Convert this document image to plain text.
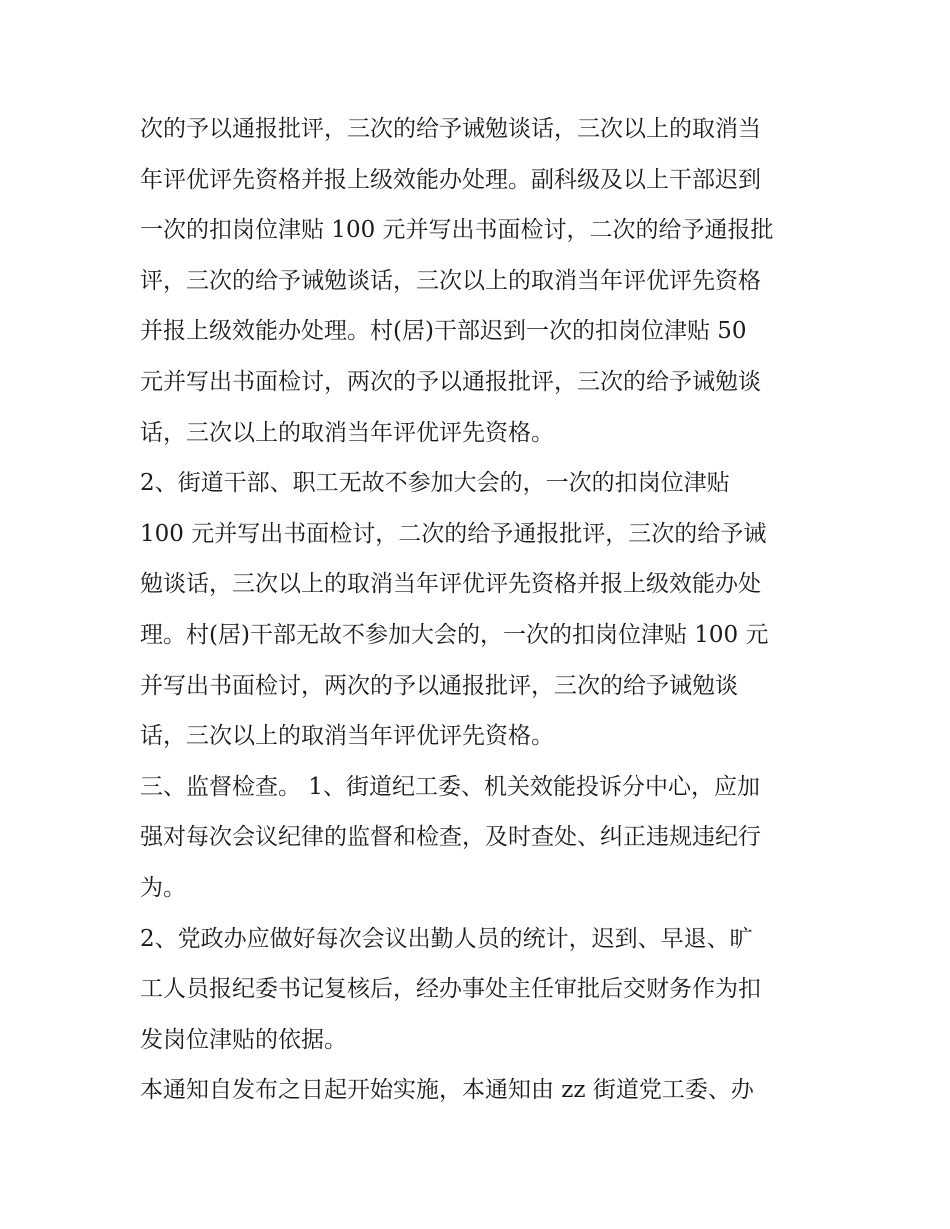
次的予以通报批评，三次的给予诫勉谈话，三次以上的取消当
年评优评先资格并报上级效能办处理。副科级及以上干部迟到
一次的扣岗位津贴 100 元并写出书面检讨，二次的给予通报批
评，三次的给予诫勉谈话，三次以上的取消当年评优评先资格
并报上级效能办处理。村(居)干部迟到一次的扣岗位津贴 50
元并写出书面检讨，两次的予以通报批评，三次的给予诫勉谈
话，三次以上的取消当年评优评先资格。
2、街道干部、职工无故不参加大会的，一次的扣岗位津贴
100 元并写出书面检讨，二次的给予通报批评，三次的给予诫
勉谈话，三次以上的取消当年评优评先资格并报上级效能办处
理。村(居)干部无故不参加大会的，一次的扣岗位津贴 100 元
并写出书面检讨，两次的予以通报批评，三次的给予诫勉谈
话，三次以上的取消当年评优评先资格。
三、监督检查。 1、街道纪工委、机关效能投诉分中心，应加
强对每次会议纪律的监督和检查，及时查处、纠正违规违纪行
为。
2、党政办应做好每次会议出勤人员的统计，迟到、早退、旷
工人员报纪委书记复核后，经办事处主任审批后交财务作为扣
发岗位津贴的依据。
本通知自发布之日起开始实施，本通知由 zz 街道党工委、办
